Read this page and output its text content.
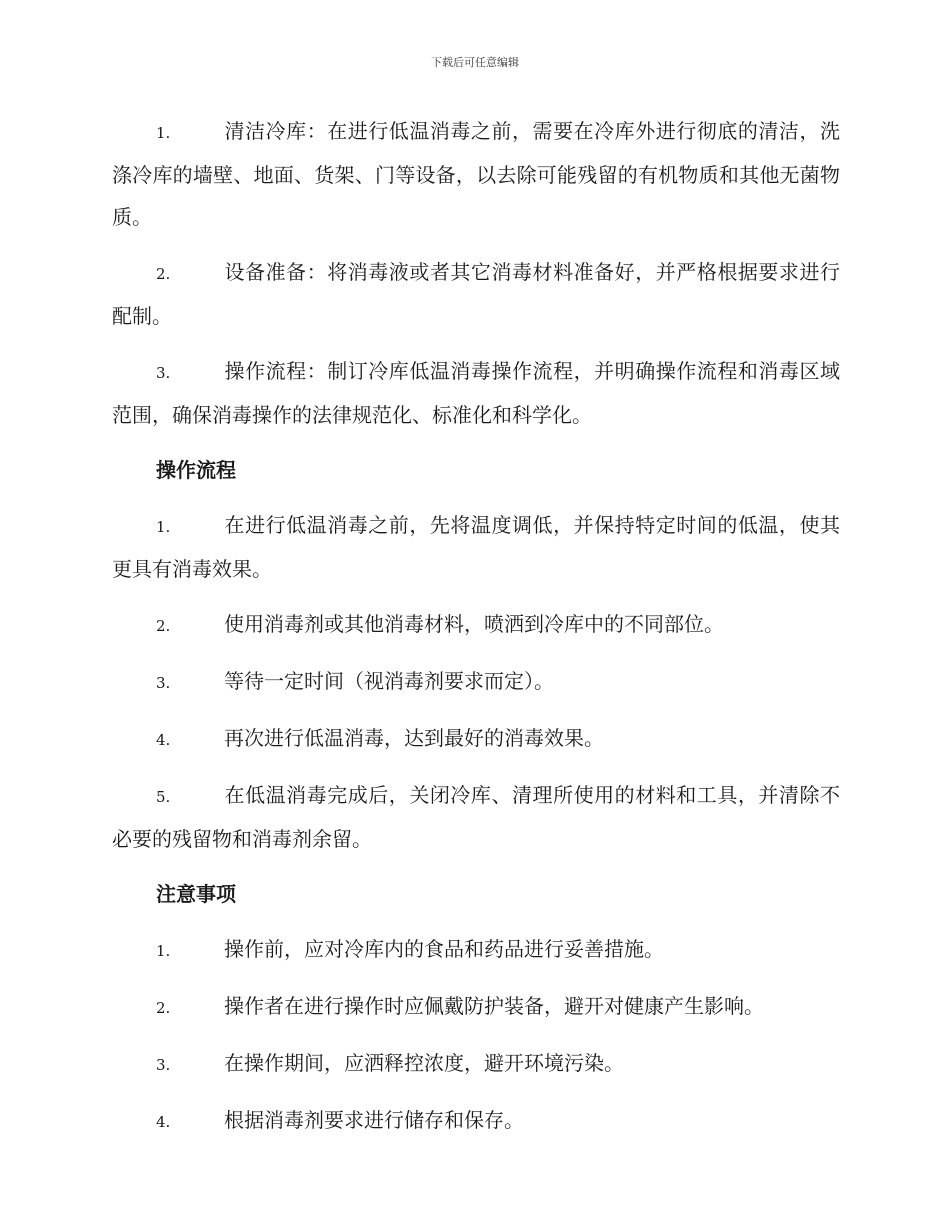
下载后可任意编辑

1.	清洁冷库：在进行低温消毒之前，需要在冷库外进行彻底的清洁，洗涤冷库的墙壁、地面、货架、门等设备，以去除可能残留的有机物质和其他无菌物质。

2.	设备准备：将消毒液或者其它消毒材料准备好，并严格根据要求进行配制。

3.	操作流程：制订冷库低温消毒操作流程，并明确操作流程和消毒区域范围，确保消毒操作的法律规范化、标准化和科学化。

操作流程

1.	在进行低温消毒之前，先将温度调低，并保持特定时间的低温，使其更具有消毒效果。

2.	使用消毒剂或其他消毒材料，喷洒到冷库中的不同部位。

3.	等待一定时间（视消毒剂要求而定）。

4.	再次进行低温消毒，达到最好的消毒效果。

5.	在低温消毒完成后，关闭冷库、清理所使用的材料和工具，并清除不必要的残留物和消毒剂余留。

注意事项

1.	操作前，应对冷库内的食品和药品进行妥善措施。

2.	操作者在进行操作时应佩戴防护装备，避开对健康产生影响。

3.	在操作期间，应洒释控浓度，避开环境污染。

4.	根据消毒剂要求进行储存和保存。
